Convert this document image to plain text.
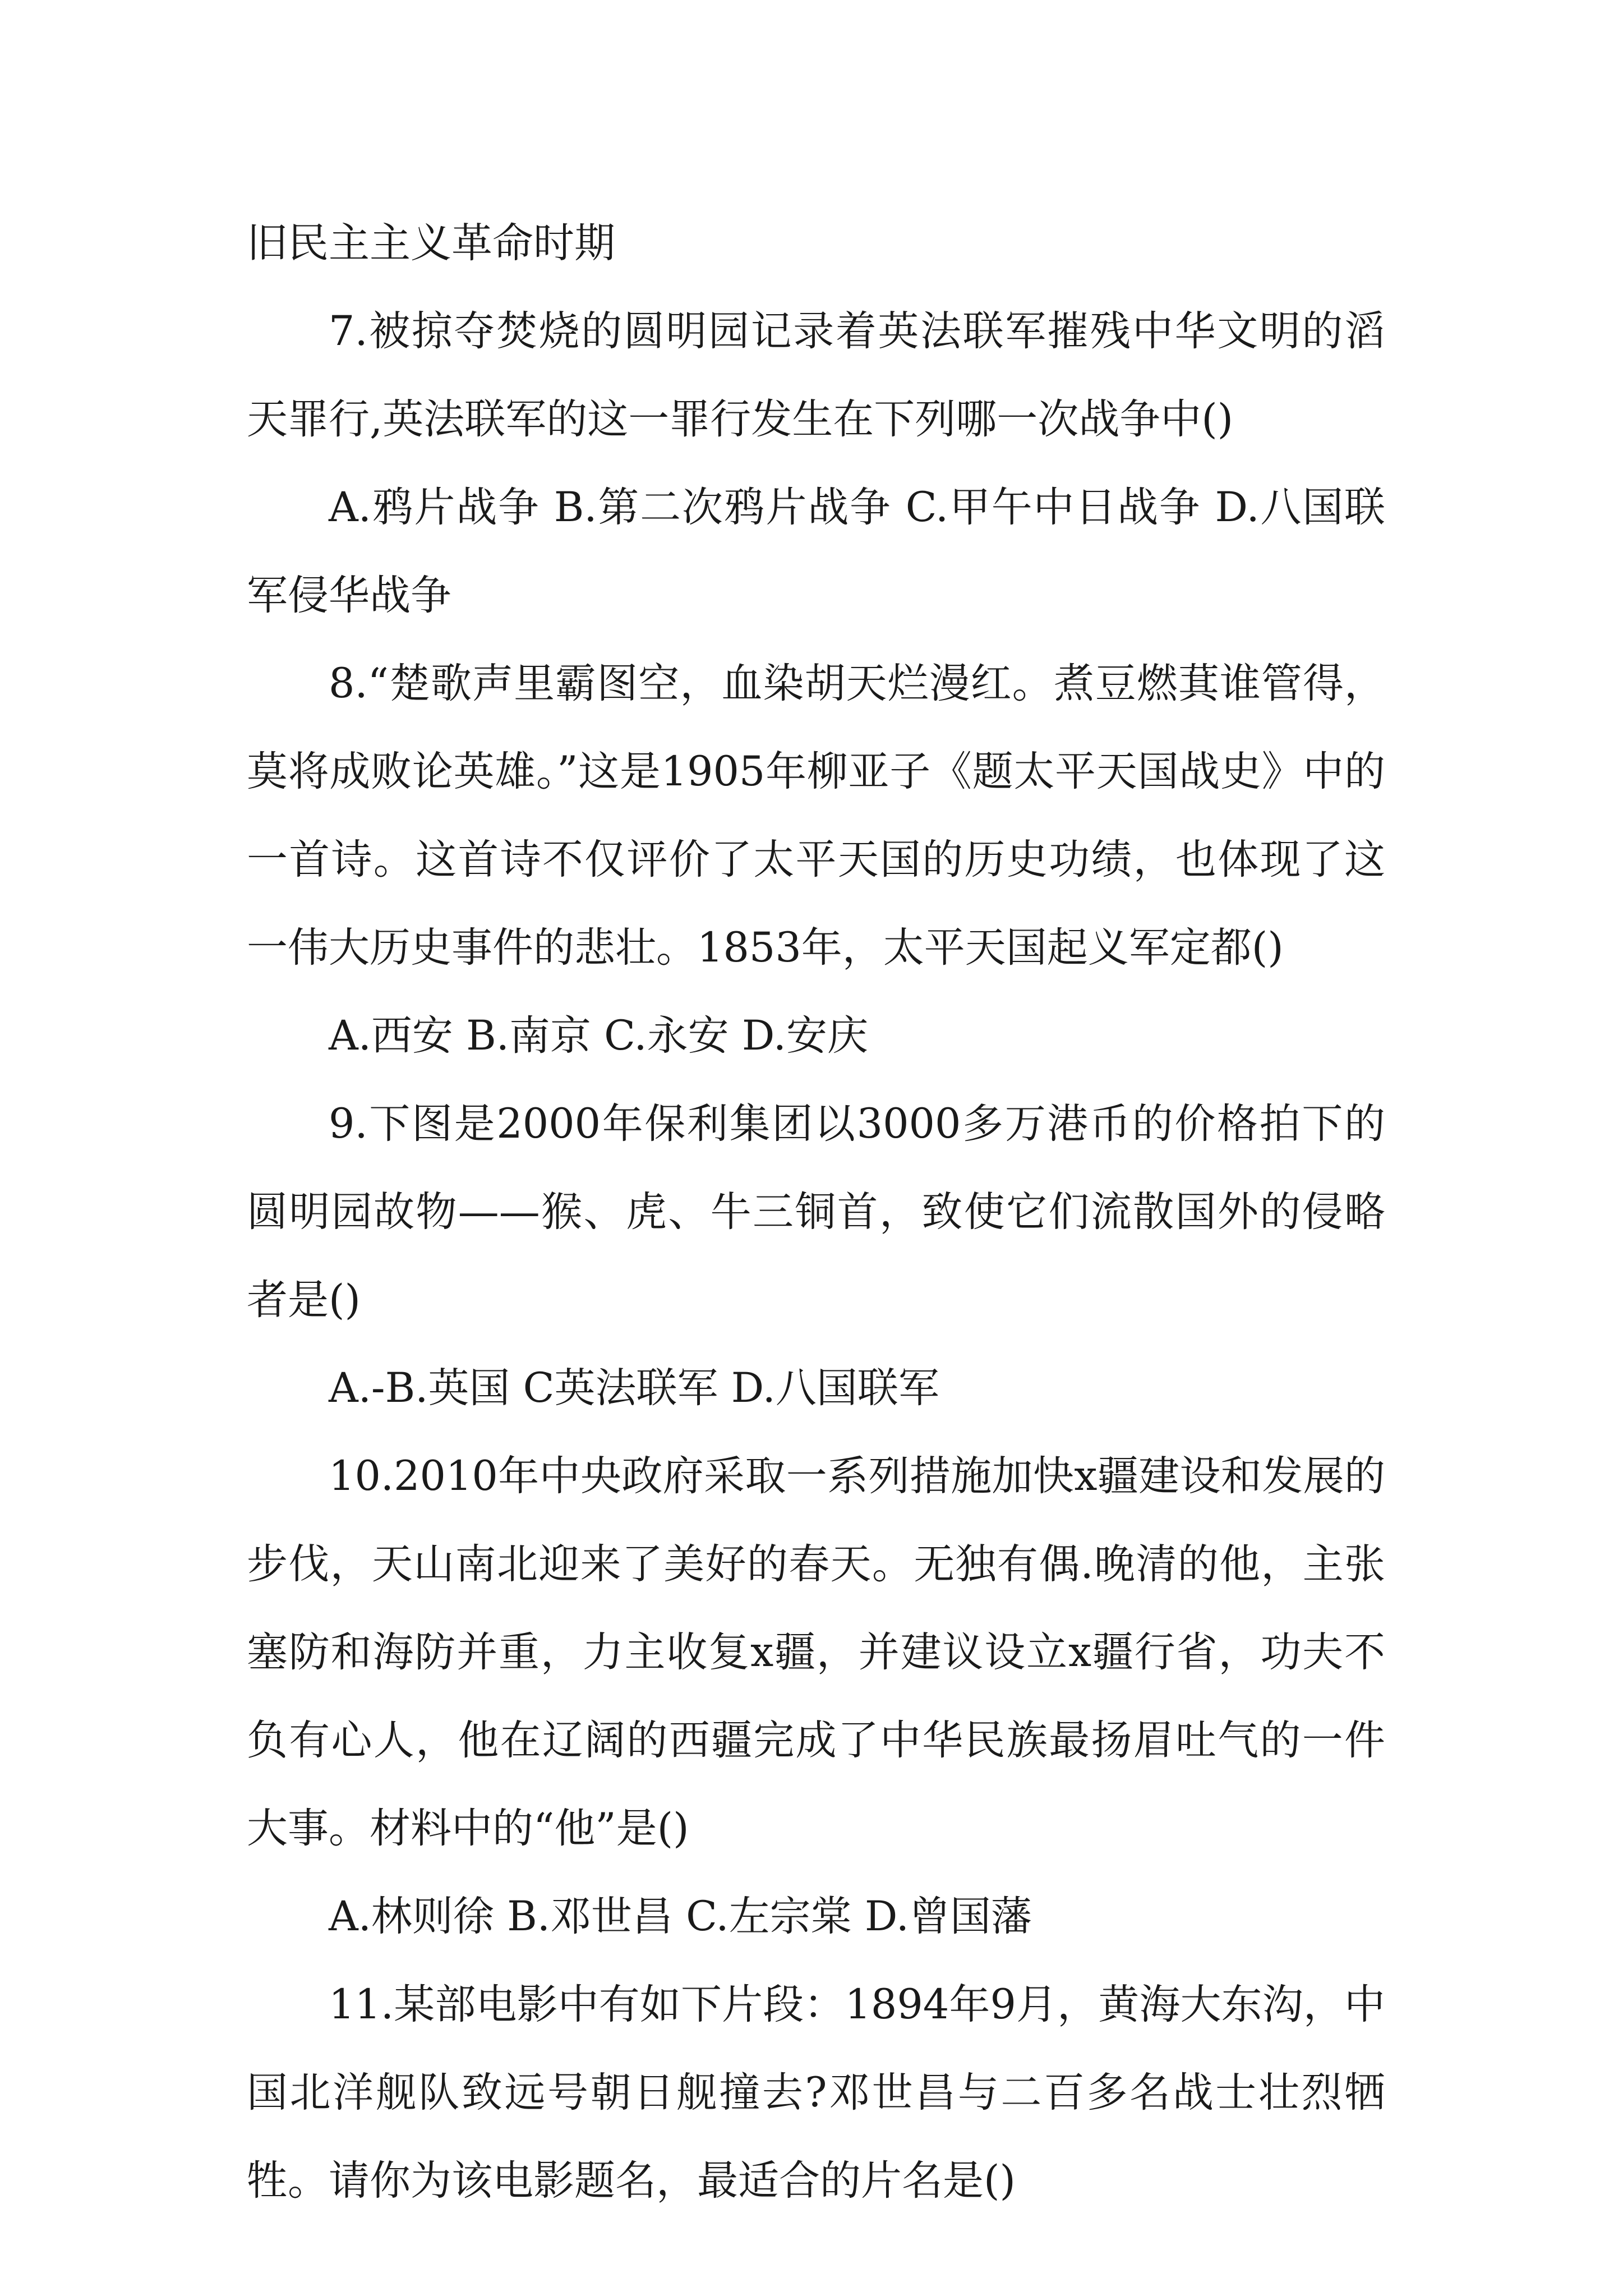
旧民主主义革命时期

7.被掠夺焚烧的圆明园记录着英法联军摧残中华文明的滔天罪行,英法联军的这一罪行发生在下列哪一次战争中()

A.鸦片战争 B.第二次鸦片战争 C.甲午中日战争 D.八国联军侵华战争

8.“楚歌声里霸图空，血染胡天烂漫红。煮豆燃萁谁管得，莫将成败论英雄。”这是1905年柳亚子《题太平天国战史》中的一首诗。这首诗不仅评价了太平天国的历史功绩，也体现了这一伟大历史事件的悲壮。1853年，太平天国起义军定都()

A.西安 B.南京 C.永安 D.安庆

9.下图是2000年保利集团以3000多万港币的价格拍下的圆明园故物——猴、虎、牛三铜首，致使它们流散国外的侵略者是()

A.-B.英国 C英法联军 D.八国联军

10.2010年中央政府采取一系列措施加快x疆建设和发展的步伐，天山南北迎来了美好的春天。无独有偶.晚清的他，主张塞防和海防并重，力主收复x疆，并建议设立x疆行省，功夫不负有心人，他在辽阔的西疆完成了中华民族最扬眉吐气的一件大事。材料中的“他”是()

A.林则徐 B.邓世昌 C.左宗棠 D.曾国藩

11.某部电影中有如下片段：1894年9月，黄海大东沟，中国北洋舰队致远号朝日舰撞去?邓世昌与二百多名战士壮烈牺牲。请你为该电影题名，最适合的片名是()
